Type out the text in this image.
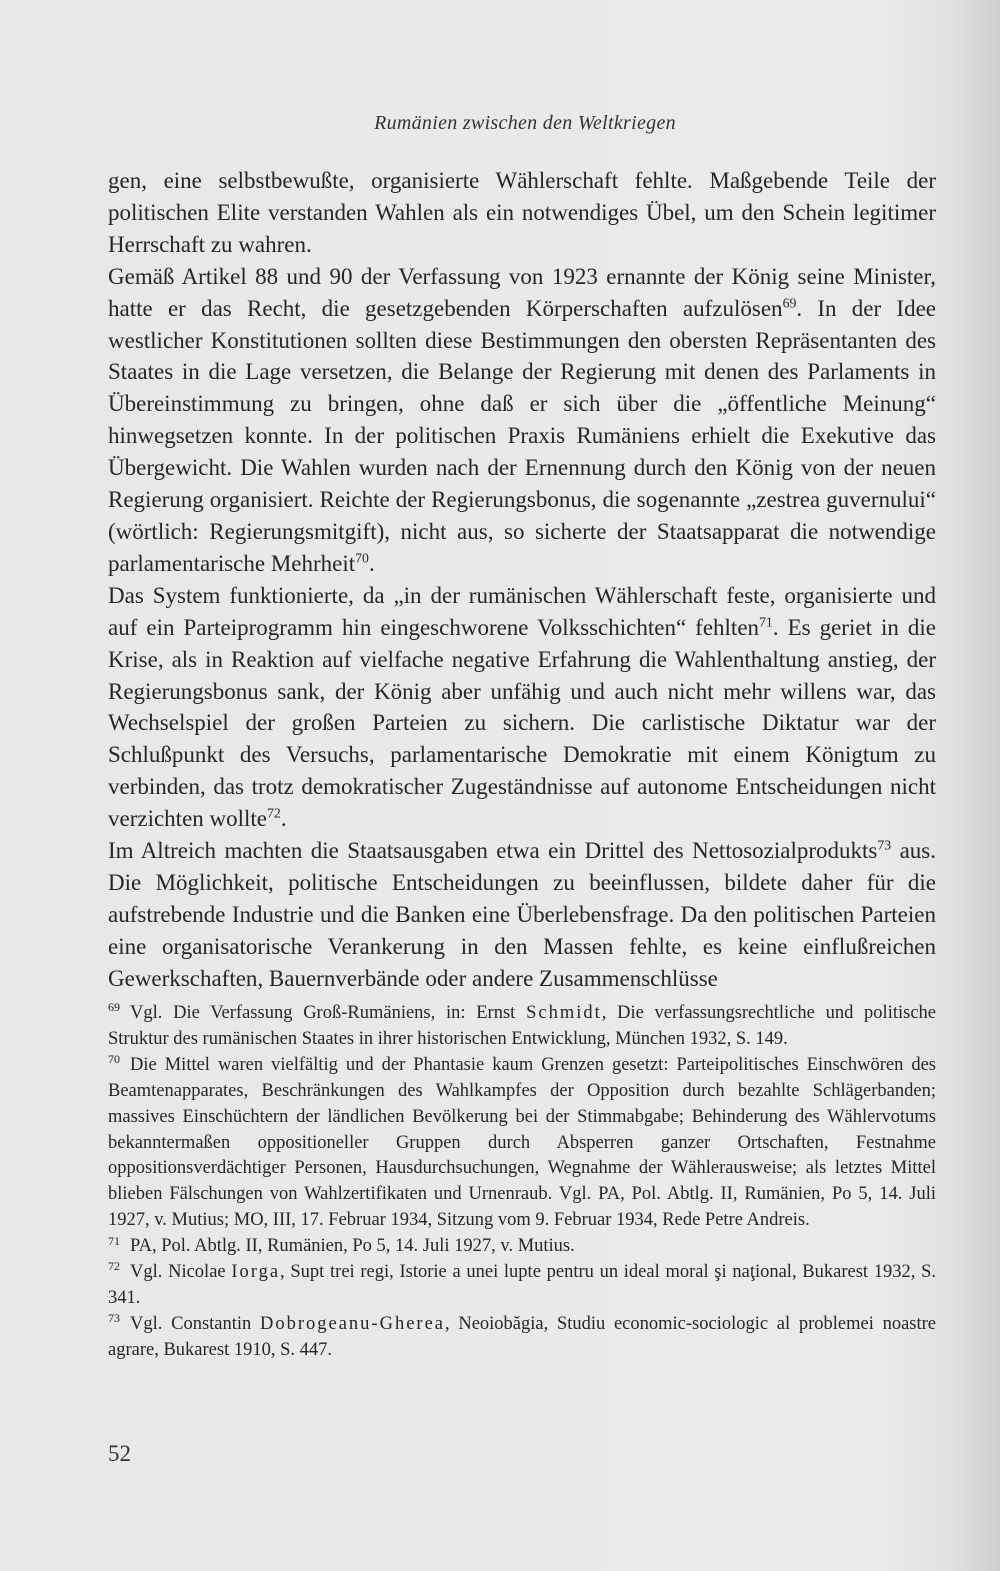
Rumänien zwischen den Weltkriegen

gen, eine selbstbewußte, organisierte Wählerschaft fehlte. Maßgebende Teile der politischen Elite verstanden Wahlen als ein notwendiges Übel, um den Schein legitimer Herrschaft zu wahren.

Gemäß Artikel 88 und 90 der Verfassung von 1923 ernannte der König seine Minister, hatte er das Recht, die gesetzgebenden Körperschaften aufzulösen$^{69}$. In der Idee westlicher Konstitutionen sollten diese Bestimmungen den obersten Repräsentanten des Staates in die Lage versetzen, die Belange der Regierung mit denen des Parlaments in Übereinstimmung zu bringen, ohne daß er sich über die „öffentliche Meinung“ hinwegsetzen konnte. In der politischen Praxis Rumäniens erhielt die Exekutive das Übergewicht. Die Wahlen wurden nach der Ernennung durch den König von der neuen Regierung organisiert. Reichte der Regierungsbonus, die sogenannte „zestrea guvernului“ (wörtlich: Regierungsmitgift), nicht aus, so sicherte der Staatsapparat die notwendige parlamentarische Mehrheit$^{70}$.

Das System funktionierte, da „in der rumänischen Wählerschaft feste, organisierte und auf ein Parteiprogramm hin eingeschworene Volksschichten“ fehlten$^{71}$. Es geriet in die Krise, als in Reaktion auf vielfache negative Erfahrung die Wahlenthaltung anstieg, der Regierungsbonus sank, der König aber unfähig und auch nicht mehr willens war, das Wechselspiel der großen Parteien zu sichern. Die carlistische Diktatur war der Schlußpunkt des Versuchs, parlamentarische Demokratie mit einem Königtum zu verbinden, das trotz demokratischer Zugeständnisse auf autonome Entscheidungen nicht verzichten wollte$^{72}$.

Im Altreich machten die Staatsausgaben etwa ein Drittel des Nettosozialprodukts$^{73}$ aus. Die Möglichkeit, politische Entscheidungen zu beeinflussen, bildete daher für die aufstrebende Industrie und die Banken eine Überlebensfrage. Da den politischen Parteien eine organisatorische Verankerung in den Massen fehlte, es keine einflußreichen Gewerkschaften, Bauernverbände oder andere Zusammenschlüsse

$^{69}$ Vgl. Die Verfassung Groß-Rumäniens, in: Ernst Schmidt, Die verfassungsrechtliche und politische Struktur des rumänischen Staates in ihrer historischen Entwicklung, München 1932, S. 149.

$^{70}$ Die Mittel waren vielfältig und der Phantasie kaum Grenzen gesetzt: Parteipolitisches Einschwören des Beamtenapparates, Beschränkungen des Wahlkampfes der Opposition durch bezahlte Schlägerbanden; massives Einschüchtern der ländlichen Bevölkerung bei der Stimmabgabe; Behinderung des Wählervotums bekanntermaßen oppositioneller Gruppen durch Absperren ganzer Ortschaften, Festnahme oppositionsverdächtiger Personen, Hausdurchsuchungen, Wegnahme der Wählerausweise; als letztes Mittel blieben Fälschungen von Wahlzertifikaten und Urnenraub. Vgl. PA, Pol. Abtlg. II, Rumänien, Po 5, 14. Juli 1927, v. Mutius; MO, III, 17. Februar 1934, Sitzung vom 9. Februar 1934, Rede Petre Andreis.

$^{71}$ PA, Pol. Abtlg. II, Rumänien, Po 5, 14. Juli 1927, v. Mutius.

$^{72}$ Vgl. Nicolae Iorga, Supt trei regi, Istorie a unei lupte pentru un ideal moral şi naţional, Bukarest 1932, S. 341.

$^{73}$ Vgl. Constantin Dobrogeanu-Gherea, Neoiobăgia, Studiu economic-sociologic al problemei noastre agrare, Bukarest 1910, S. 447.

52
